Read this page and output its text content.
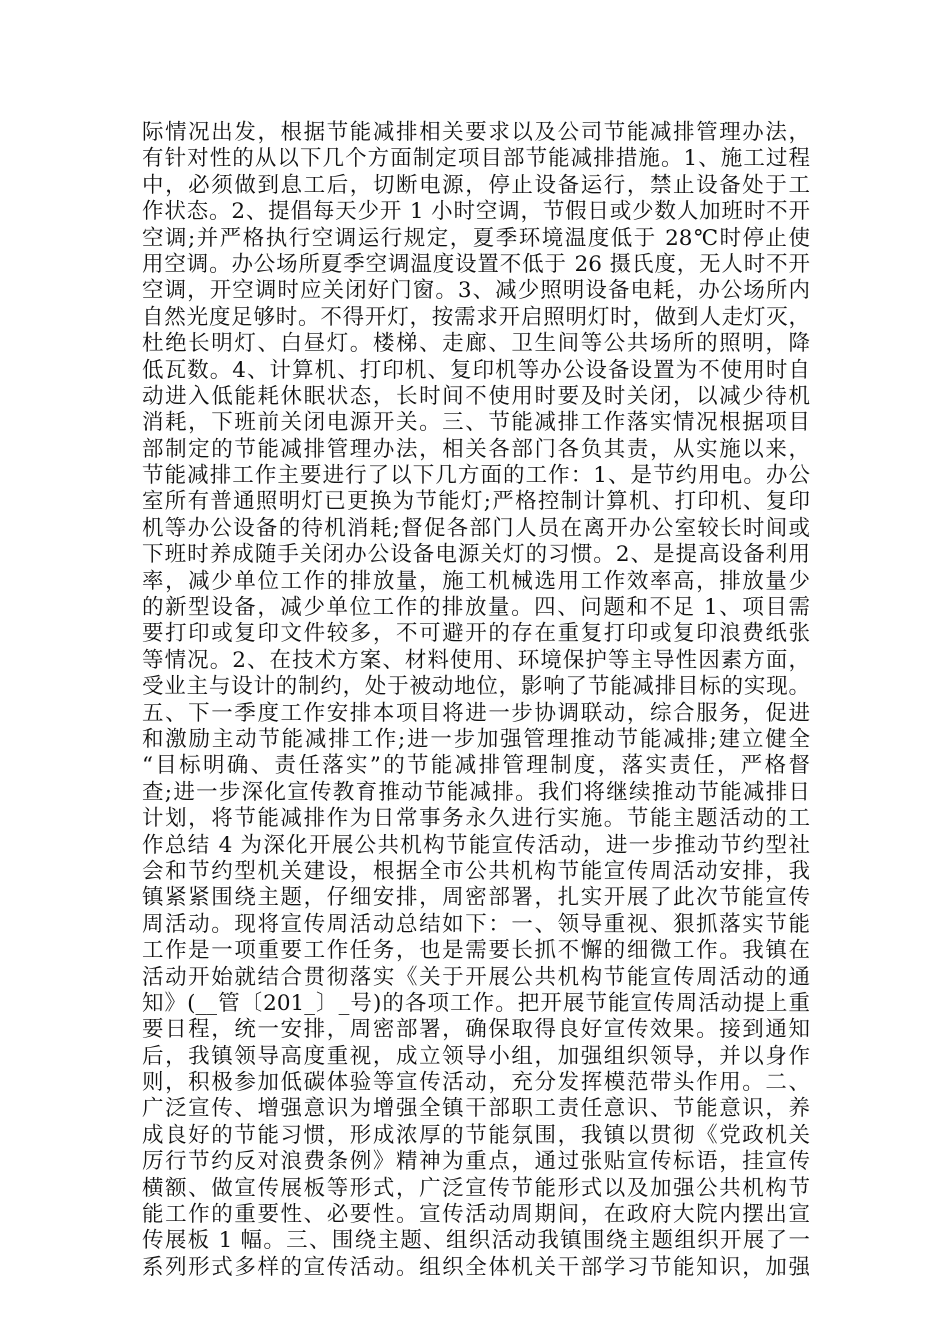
际情况出发，根据节能减排相关要求以及公司节能减排管理办法，
有针对性的从以下几个方面制定项目部节能减排措施。1、施工过程
中，必须做到息工后，切断电源，停止设备运行，禁止设备处于工
作状态。2、提倡每天少开 1 小时空调，节假日或少数人加班时不开
空调;并严格执行空调运行规定，夏季环境温度低于 28℃时停止使
用空调。办公场所夏季空调温度设置不低于 26 摄氏度，无人时不开
空调，开空调时应关闭好门窗。3、减少照明设备电耗，办公场所内
自然光度足够时。不得开灯，按需求开启照明灯时，做到人走灯灭，
杜绝长明灯、白昼灯。楼梯、走廊、卫生间等公共场所的照明，降
低瓦数。4、计算机、打印机、复印机等办公设备设置为不使用时自
动进入低能耗休眠状态，长时间不使用时要及时关闭，以减少待机
消耗，下班前关闭电源开关。三、节能减排工作落实情况根据项目
部制定的节能减排管理办法，相关各部门各负其责，从实施以来，
节能减排工作主要进行了以下几方面的工作：1、是节约用电。办公
室所有普通照明灯已更换为节能灯;严格控制计算机、打印机、复印
机等办公设备的待机消耗;督促各部门人员在离开办公室较长时间或
下班时养成随手关闭办公设备电源关灯的习惯。2、是提高设备利用
率，减少单位工作的排放量，施工机械选用工作效率高，排放量少
的新型设备，减少单位工作的排放量。四、问题和不足 1、项目需
要打印或复印文件较多，不可避开的存在重复打印或复印浪费纸张
等情况。2、在技术方案、材料使用、环境保护等主导性因素方面，
受业主与设计的制约，处于被动地位，影响了节能减排目标的实现。
五、下一季度工作安排本项目将进一步协调联动，综合服务，促进
和激励主动节能减排工作;进一步加强管理推动节能减排;建立健全
“目标明确、责任落实”的节能减排管理制度，落实责任，严格督
查;进一步深化宣传教育推动节能减排。我们将继续推动节能减排日
计划，将节能减排作为日常事务永久进行实施。节能主题活动的工
作总结 4 为深化开展公共机构节能宣传活动，进一步推动节约型社
会和节约型机关建设，根据全市公共机构节能宣传周活动安排，我
镇紧紧围绕主题，仔细安排，周密部署，扎实开展了此次节能宣传
周活动。现将宣传周活动总结如下：一、领导重视、狠抓落实节能
工作是一项重要工作任务，也是需要长抓不懈的细微工作。我镇在
活动开始就结合贯彻落实《关于开展公共机构节能宣传周活动的通
知》(__管〔201_〕_号)的各项工作。把开展节能宣传周活动提上重
要日程，统一安排，周密部署，确保取得良好宣传效果。接到通知
后，我镇领导高度重视，成立领导小组，加强组织领导，并以身作
则，积极参加低碳体验等宣传活动，充分发挥模范带头作用。二、
广泛宣传、增强意识为增强全镇干部职工责任意识、节能意识，养
成良好的节能习惯，形成浓厚的节能氛围，我镇以贯彻《党政机关
厉行节约反对浪费条例》精神为重点，通过张贴宣传标语，挂宣传
横额、做宣传展板等形式，广泛宣传节能形式以及加强公共机构节
能工作的重要性、必要性。宣传活动周期间，在政府大院内摆出宣
传展板 1 幅。三、围绕主题、组织活动我镇围绕主题组织开展了一
系列形式多样的宣传活动。组织全体机关干部学习节能知识，加强
